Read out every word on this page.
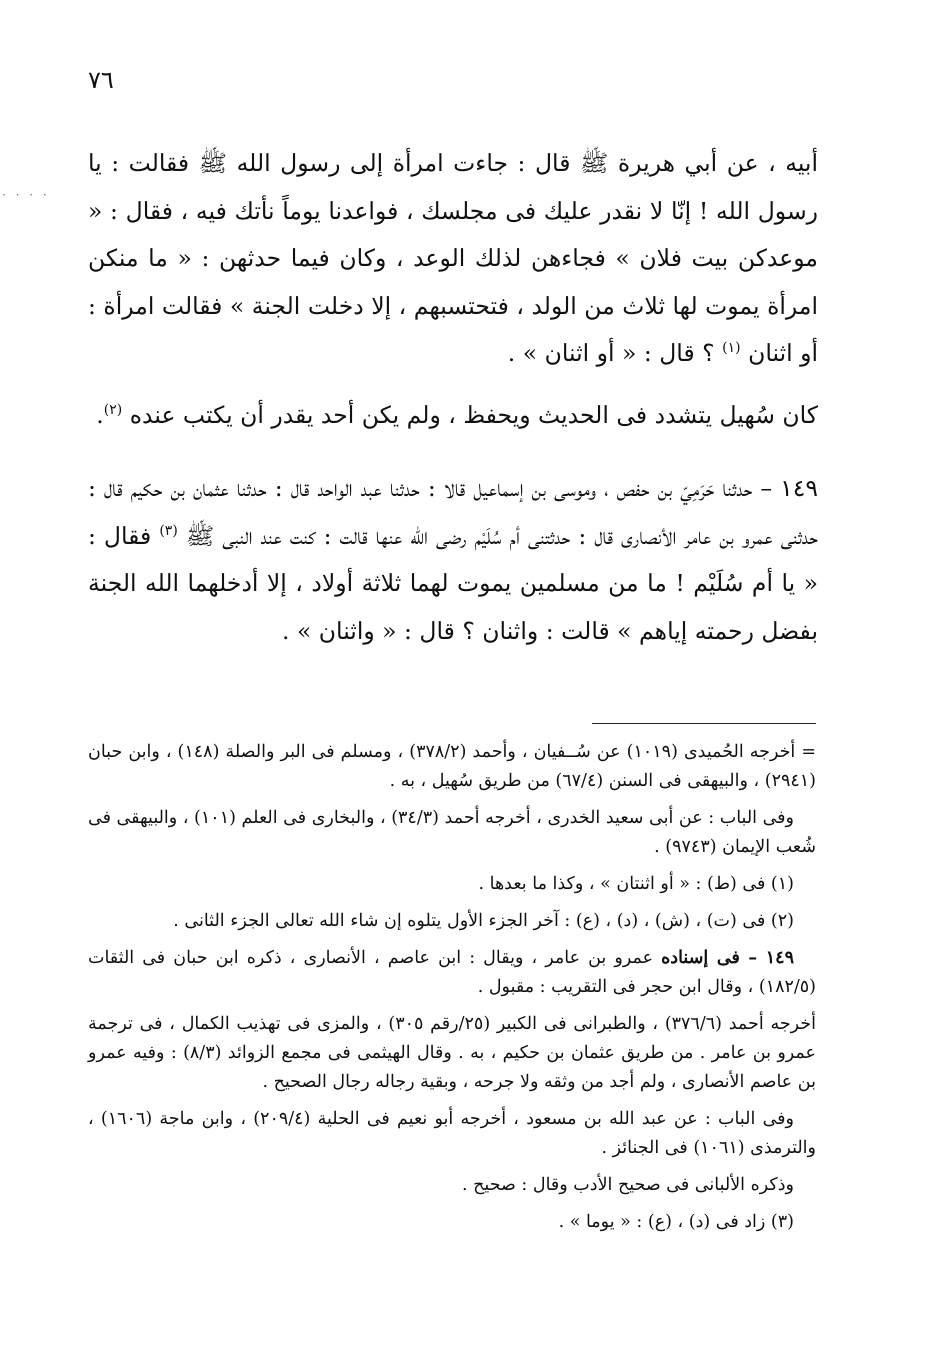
٧٦
· · · ·

أبيه ، عن أبي هريرة ﷺ قال : جاءت امرأة إلى رسول الله ﷺ فقالت : يا رسول الله ! إنّا لا نقدر عليك فى مجلسك ، فواعدنا يوماً نأتك فيه ، فقال : « موعدكن بيت فلان » فجاءهن لذلك الوعد ، وكان فيما حدثهن : « ما منكن امرأة يموت لها ثلاث من الولد ، فتحتسبهم ، إلا دخلت الجنة » فقالت امرأة : أو اثنان $^{(١)}$ ؟ قال : « أو اثنان » .

كان سُهيل يتشدد فى الحديث ويحفظ ، ولم يكن أحد يقدر أن يكتب عنده $^{(٢)}$.

١٤٩ – حدثنا حَرَمِيّ بن حفص ، وموسى بن إسماعيل قالا : حدثنا عبد الواحد قال : حدثنا عثمان بن حكيم قال : حدثنى عمرو بن عامر الأنصارى قال : حدثتنى أم سُلَيْم رضى الله عنها قالت : كنت عند النبى ﷺ $^{(٣)}$ فقال : « يا أم سُلَيْم ! ما من مسلمين يموت لهما ثلاثة أولاد ، إلا أدخلهما الله الجنة بفضل رحمته إياهم » قالت : واثنان ؟ قال : « واثنان » .

= أخرجه الحُميدى (١٠١٩) عن سُــفيان ، وأحمد (٣٧٨/٢) ، ومسلم فى البر والصلة (١٤٨) ، وابن حبان (٢٩٤١) ، والبيهقى فى السنن (٦٧/٤) من طريق سُهيل ، به .

وفى الباب : عن أبى سعيد الخدرى ، أخرجه أحمد (٣٤/٣) ، والبخارى فى العلم (١٠١) ، والبيهقى فى شُعب الإيمان (٩٧٤٣) .

(١) فى (ط) : « أو اثنتان » ، وكذا ما بعدها .

(٢) فى (ت) ، (ش) ، (د) ، (ع) : آخر الجزء الأول يتلوه إن شاء الله تعالى الجزء الثانى .

١٤٩ – فى إسناده عمرو بن عامر ، ويقال : ابن عاصم ، الأنصارى ، ذكره ابن حبان فى الثقات (١٨٢/٥) ، وقال ابن حجر فى التقريب : مقبول .

أخرجه أحمد (٣٧٦/٦) ، والطبرانى فى الكبير (٢٥/رقم ٣٠٥) ، والمزى فى تهذيب الكمال ، فى ترجمة عمرو بن عامر . من طريق عثمان بن حكيم ، به . وقال الهيثمى فى مجمع الزوائد (٨/٣) : وفيه عمرو بن عاصم الأنصارى ، ولم أجد من وثقه ولا جرحه ، وبقية رجاله رجال الصحيح .

وفى الباب : عن عبد الله بن مسعود ، أخرجه أبو نعيم فى الحلية (٢٠٩/٤) ، وابن ماجة (١٦٠٦) ، والترمذى (١٠٦١) فى الجنائز .

وذكره الألبانى فى صحيح الأدب وقال : صحيح .

(٣) زاد فى (د) ، (ع) : « يوما » .
